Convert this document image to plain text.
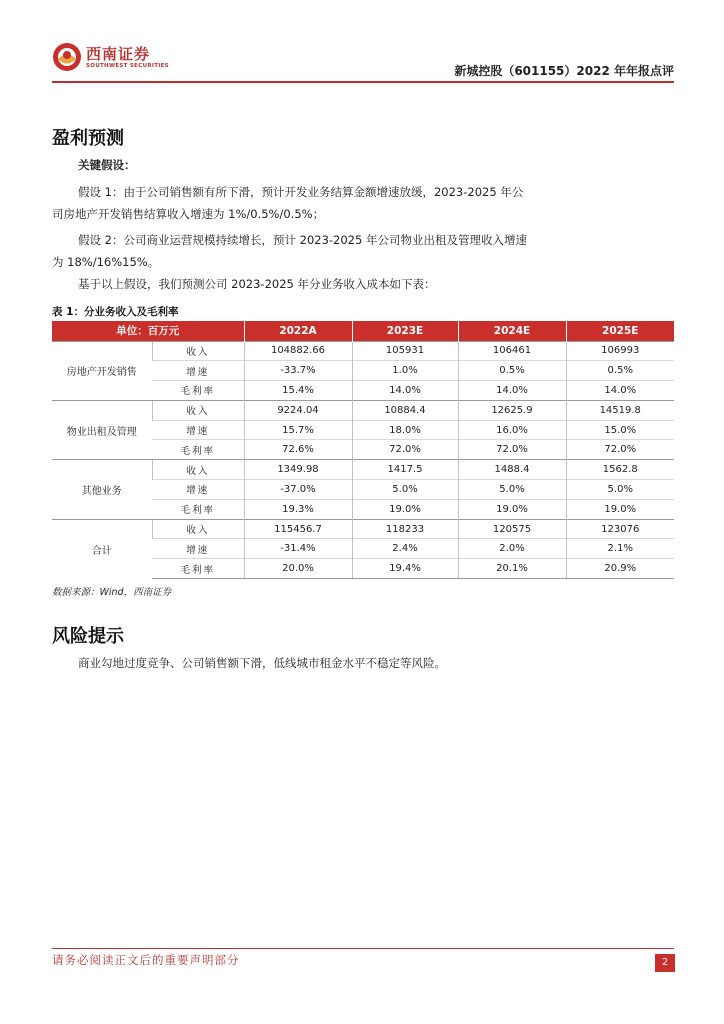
西南证券
SOUTHWEST SECURITIES	新城控股（601155）2022 年年报点评
盈利预测
关键假设：
假设 1：由于公司销售额有所下滑，预计开发业务结算金额增速放缓，2023-2025 年公
司房地产开发销售结算收入增速为 1%/0.5%/0.5%；
假设 2：公司商业运营规模持续增长，预计 2023-2025 年公司物业出租及管理收入增速
为 18%/16%15%。
基于以上假设，我们预测公司 2023-2025 年分业务收入成本如下表：
表 1：分业务收入及毛利率
单位：百万元		2022A	2023E	2024E	2025E
房地产开发销售	收入	104882.66	105931	106461	106993
	增速	-33.7%	1.0%	0.5%	0.5%
	毛利率	15.4%	14.0%	14.0%	14.0%
物业出租及管理	收入	9224.04	10884.4	12625.9	14519.8
	增速	15.7%	18.0%	16.0%	15.0%
	毛利率	72.6%	72.0%	72.0%	72.0%
其他业务	收入	1349.98	1417.5	1488.4	1562.8
	增速	-37.0%	5.0%	5.0%	5.0%
	毛利率	19.3%	19.0%	19.0%	19.0%
合计	收入	115456.7	118233	120575	123076
	增速	-31.4%	2.4%	2.0%	2.1%
	毛利率	20.0%	19.4%	20.1%	20.9%
数据来源：Wind，西南证券
风险提示
商业勾地过度竞争、公司销售额下滑，低线城市租金水平不稳定等风险。
请务必阅读正文后的重要声明部分	2
